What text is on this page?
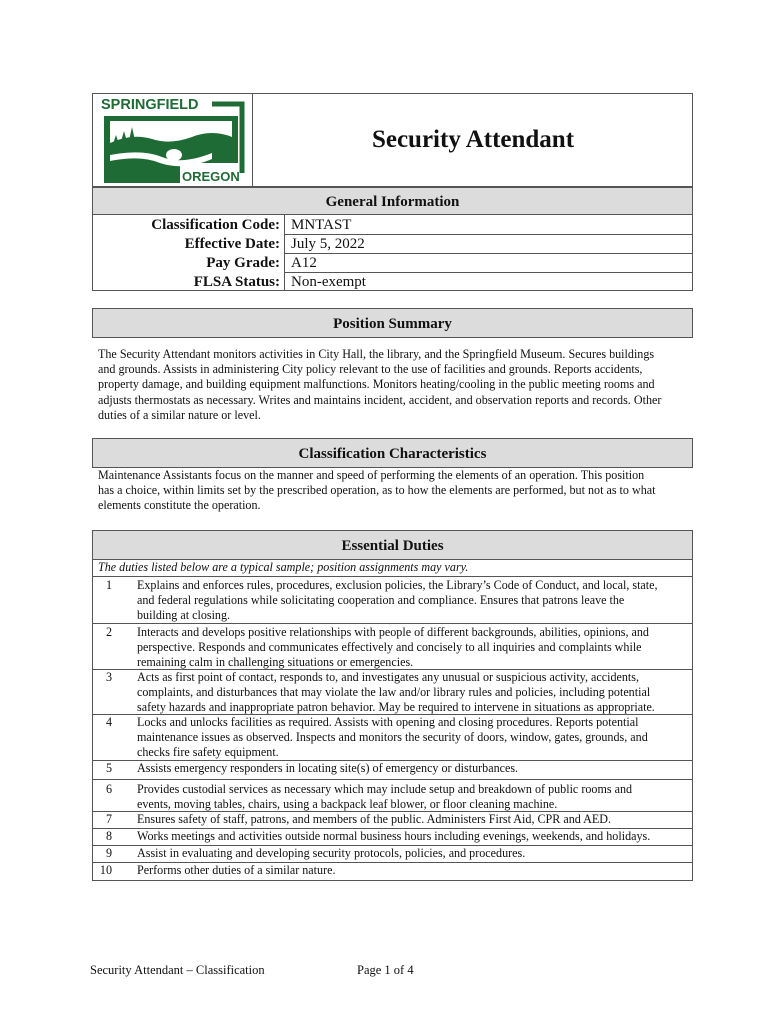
SPRINGFIELD
OREGON
Security Attendant
General Information
Classification Code: MNTAST
Effective Date: July 5, 2022
Pay Grade: A12
FLSA Status: Non-exempt
Position Summary
The Security Attendant monitors activities in City Hall, the library, and the Springfield Museum. Secures buildings
and grounds. Assists in administering City policy relevant to the use of facilities and grounds. Reports accidents,
property damage, and building equipment malfunctions. Monitors heating/cooling in the public meeting rooms and
adjusts thermostats as necessary. Writes and maintains incident, accident, and observation reports and records. Other
duties of a similar nature or level.
Classification Characteristics
Maintenance Assistants focus on the manner and speed of performing the elements of an operation. This position
has a choice, within limits set by the prescribed operation, as to how the elements are performed, but not as to what
elements constitute the operation.
Essential Duties
The duties listed below are a typical sample; position assignments may vary.
1 Explains and enforces rules, procedures, exclusion policies, the Library’s Code of Conduct, and local, state,
and federal regulations while solicitating cooperation and compliance. Ensures that patrons leave the
building at closing.
2 Interacts and develops positive relationships with people of different backgrounds, abilities, opinions, and
perspective. Responds and communicates effectively and concisely to all inquiries and complaints while
remaining calm in challenging situations or emergencies.
3 Acts as first point of contact, responds to, and investigates any unusual or suspicious activity, accidents,
complaints, and disturbances that may violate the law and/or library rules and policies, including potential
safety hazards and inappropriate patron behavior. May be required to intervene in situations as appropriate.
4 Locks and unlocks facilities as required. Assists with opening and closing procedures. Reports potential
maintenance issues as observed. Inspects and monitors the security of doors, window, gates, grounds, and
checks fire safety equipment.
5 Assists emergency responders in locating site(s) of emergency or disturbances.
6 Provides custodial services as necessary which may include setup and breakdown of public rooms and
events, moving tables, chairs, using a backpack leaf blower, or floor cleaning machine.
7 Ensures safety of staff, patrons, and members of the public. Administers First Aid, CPR and AED.
8 Works meetings and activities outside normal business hours including evenings, weekends, and holidays.
9 Assist in evaluating and developing security protocols, policies, and procedures.
10 Performs other duties of a similar nature.
Security Attendant – Classification	Page 1 of 4
